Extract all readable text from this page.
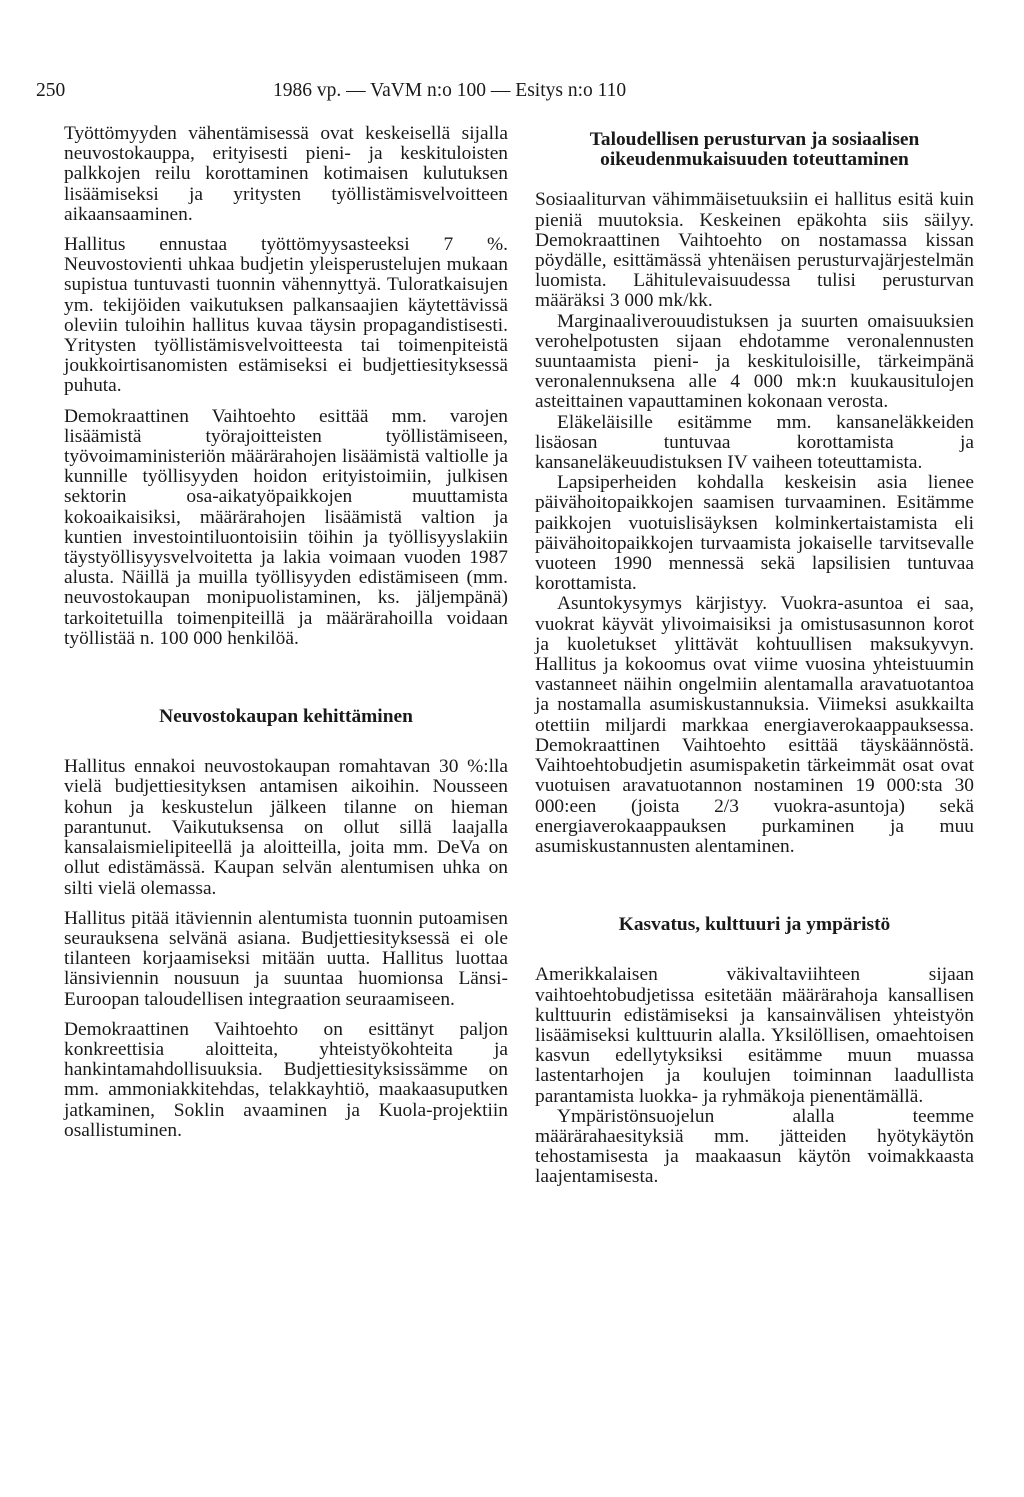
250	1986 vp. — VaVM n:o 100 — Esitys n:o 110

Työttömyyden vähentämisessä ovat keskeisellä sijalla neuvostokauppa, erityisesti pieni- ja keskituloisten palkkojen reilu korottaminen kotimaisen kulutuksen lisäämiseksi ja yritysten työllistämisvelvoitteen aikaansaaminen.

Hallitus ennustaa työttömyysasteeksi 7 %. Neuvostovienti uhkaa budjetin yleisperustelujen mukaan supistua tuntuvasti tuonnin vähennyttyä. Tuloratkaisujen ym. tekijöiden vaikutuksen palkansaajien käytettävissä oleviin tuloihin hallitus kuvaa täysin propagandistisesti. Yritysten työllistämisvelvoitteesta tai toimenpiteistä joukkoirtisanomisten estämiseksi ei budjettiesityksessä puhuta.

Demokraattinen Vaihtoehto esittää mm. varojen lisäämistä työrajoitteisten työllistämiseen, työvoimaministeriön määrärahojen lisäämistä valtiolle ja kunnille työllisyyden hoidon erityistoimiin, julkisen sektorin osa-aikatyöpaikkojen muuttamista kokoaikaisiksi, määrärahojen lisäämistä valtion ja kuntien investointiluontoisiin töihin ja työllisyyslakiin täystyöllisyysvelvoitetta ja lakia voimaan vuoden 1987 alusta. Näillä ja muilla työllisyyden edistämiseen (mm. neuvostokaupan monipuolistaminen, ks. jäljempänä) tarkoitetuilla toimenpiteillä ja määrärahoilla voidaan työllistää n. 100 000 henkilöä.

Neuvostokaupan kehittäminen

Hallitus ennakoi neuvostokaupan romahtavan 30 %:lla vielä budjettiesityksen antamisen aikoihin. Nousseen kohun ja keskustelun jälkeen tilanne on hieman parantunut. Vaikutuksensa on ollut sillä laajalla kansalaismielipiteellä ja aloitteilla, joita mm. DeVa on ollut edistämässä. Kaupan selvän alentumisen uhka on silti vielä olemassa.

Hallitus pitää itäviennin alentumista tuonnin putoamisen seurauksena selvänä asiana. Budjettiesityksessä ei ole tilanteen korjaamiseksi mitään uutta. Hallitus luottaa länsiviennin nousuun ja suuntaa huomionsa Länsi-Euroopan taloudellisen integraation seuraamiseen.

Demokraattinen Vaihtoehto on esittänyt paljon konkreettisia aloitteita, yhteistyökohteita ja hankintamahdollisuuksia. Budjettiesityksissämme on mm. ammoniakkitehdas, telakkayhtiö, maakaasuputken jatkaminen, Soklin avaaminen ja Kuola-projektiin osallistuminen.

Taloudellisen perusturvan ja sosiaalisen oikeudenmukaisuuden toteuttaminen

Sosiaaliturvan vähimmäisetuuksiin ei hallitus esitä kuin pieniä muutoksia. Keskeinen epäkohta siis säilyy. Demokraattinen Vaihtoehto on nostamassa kissan pöydälle, esittämässä yhtenäisen perusturvajärjestelmän luomista. Lähitulevaisuudessa tulisi perusturvan määräksi 3 000 mk/kk.

Marginaaliverouudistuksen ja suurten omaisuuksien verohelpotusten sijaan ehdotamme veronalennusten suuntaamista pieni- ja keskituloisille, tärkeimpänä veronalennuksena alle 4 000 mk:n kuukausitulojen asteittainen vapauttaminen kokonaan verosta.

Eläkeläisille esitämme mm. kansaneläkkeiden lisäosan tuntuvaa korottamista ja kansaneläkeuudistuksen IV vaiheen toteuttamista.

Lapsiperheiden kohdalla keskeisin asia lienee päivähoitopaikkojen saamisen turvaaminen. Esitämme paikkojen vuotuislisäyksen kolminkertaistamista eli päivähoitopaikkojen turvaamista jokaiselle tarvitsevalle vuoteen 1990 mennessä sekä lapsilisien tuntuvaa korottamista.

Asuntokysymys kärjistyy. Vuokra-asuntoa ei saa, vuokrat käyvät ylivoimaisiksi ja omistusasunnon korot ja kuoletukset ylittävät kohtuullisen maksukyvyn. Hallitus ja kokoomus ovat viime vuosina yhteistuumin vastanneet näihin ongelmiin alentamalla aravatuotantoa ja nostamalla asumiskustannuksia. Viimeksi asukkailta otettiin miljardi markkaa energiaverokaappauksessa. Demokraattinen Vaihtoehto esittää täyskäännöstä. Vaihtoehtobudjetin asumispaketin tärkeimmät osat ovat vuotuisen aravatuotannon nostaminen 19 000:sta 30 000:een (joista 2/3 vuokra-asuntoja) sekä energiaverokaappauksen purkaminen ja muu asumiskustannusten alentaminen.

Kasvatus, kulttuuri ja ympäristö

Amerikkalaisen väkivaltaviihteen sijaan vaihtoehtobudjetissa esitetään määrärahoja kansallisen kulttuurin edistämiseksi ja kansainvälisen yhteistyön lisäämiseksi kulttuurin alalla. Yksilöllisen, omaehtoisen kasvun edellytyksiksi esitämme muun muassa lastentarhojen ja koulujen toiminnan laadullista parantamista luokka- ja ryhmäkoja pienentämällä.

Ympäristönsuojelun alalla teemme määrärahaesityksiä mm. jätteiden hyötykäytön tehostamisesta ja maakaasun käytön voimakkaasta laajentamisesta.
